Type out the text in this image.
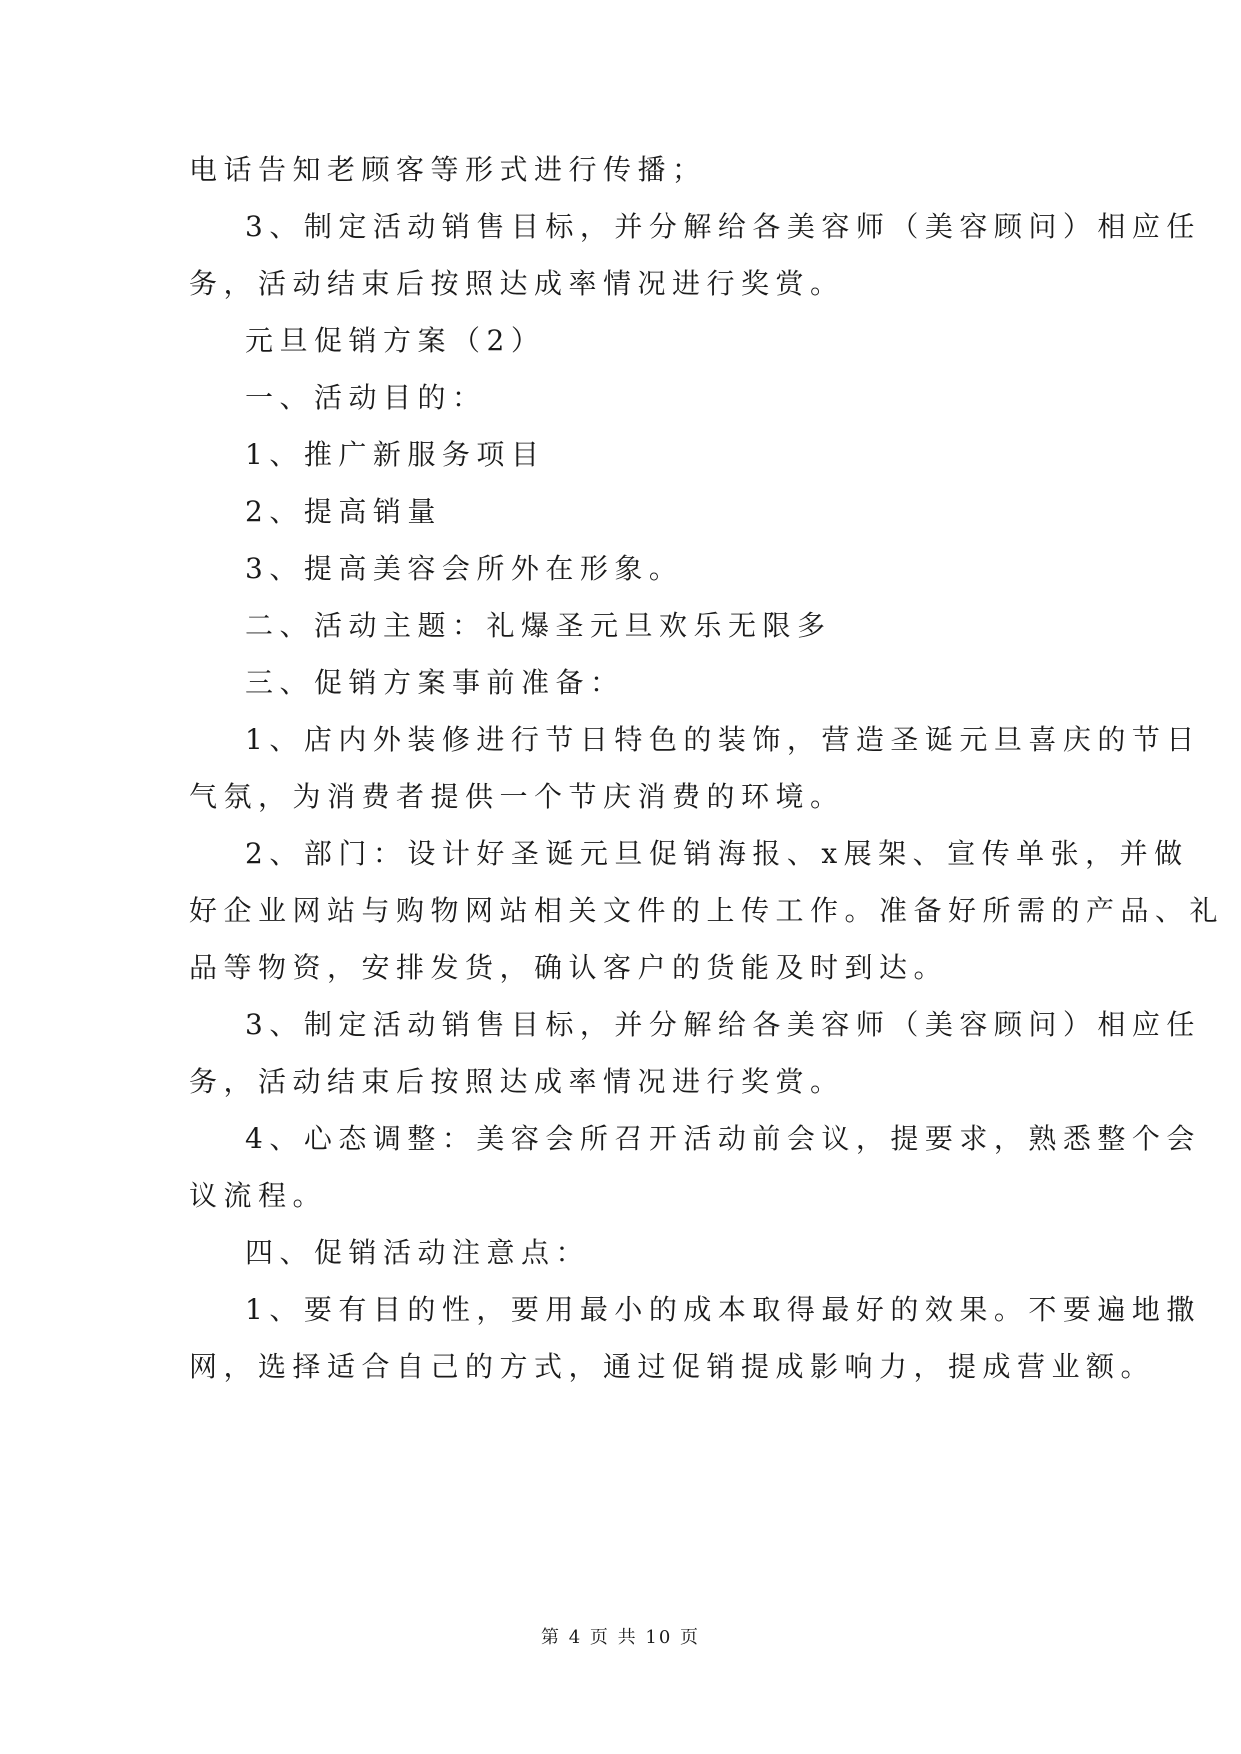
电话告知老顾客等形式进行传播；
3、制定活动销售目标，并分解给各美容师（美容顾问）相应任
务，活动结束后按照达成率情况进行奖赏。
元旦促销方案（2）
一、活动目的：
1、推广新服务项目
2、提高销量
3、提高美容会所外在形象。
二、活动主题：礼爆圣元旦欢乐无限多
三、促销方案事前准备：
1、店内外装修进行节日特色的装饰，营造圣诞元旦喜庆的节日
气氛，为消费者提供一个节庆消费的环境。
2、部门：设计好圣诞元旦促销海报、x展架、宣传单张，并做
好企业网站与购物网站相关文件的上传工作。准备好所需的产品、礼
品等物资，安排发货，确认客户的货能及时到达。
3、制定活动销售目标，并分解给各美容师（美容顾问）相应任
务，活动结束后按照达成率情况进行奖赏。
4、心态调整：美容会所召开活动前会议，提要求，熟悉整个会
议流程。
四、促销活动注意点：
1、要有目的性，要用最小的成本取得最好的效果。不要遍地撒
网，选择适合自己的方式，通过促销提成影响力，提成营业额。
第 4 页 共 10 页
